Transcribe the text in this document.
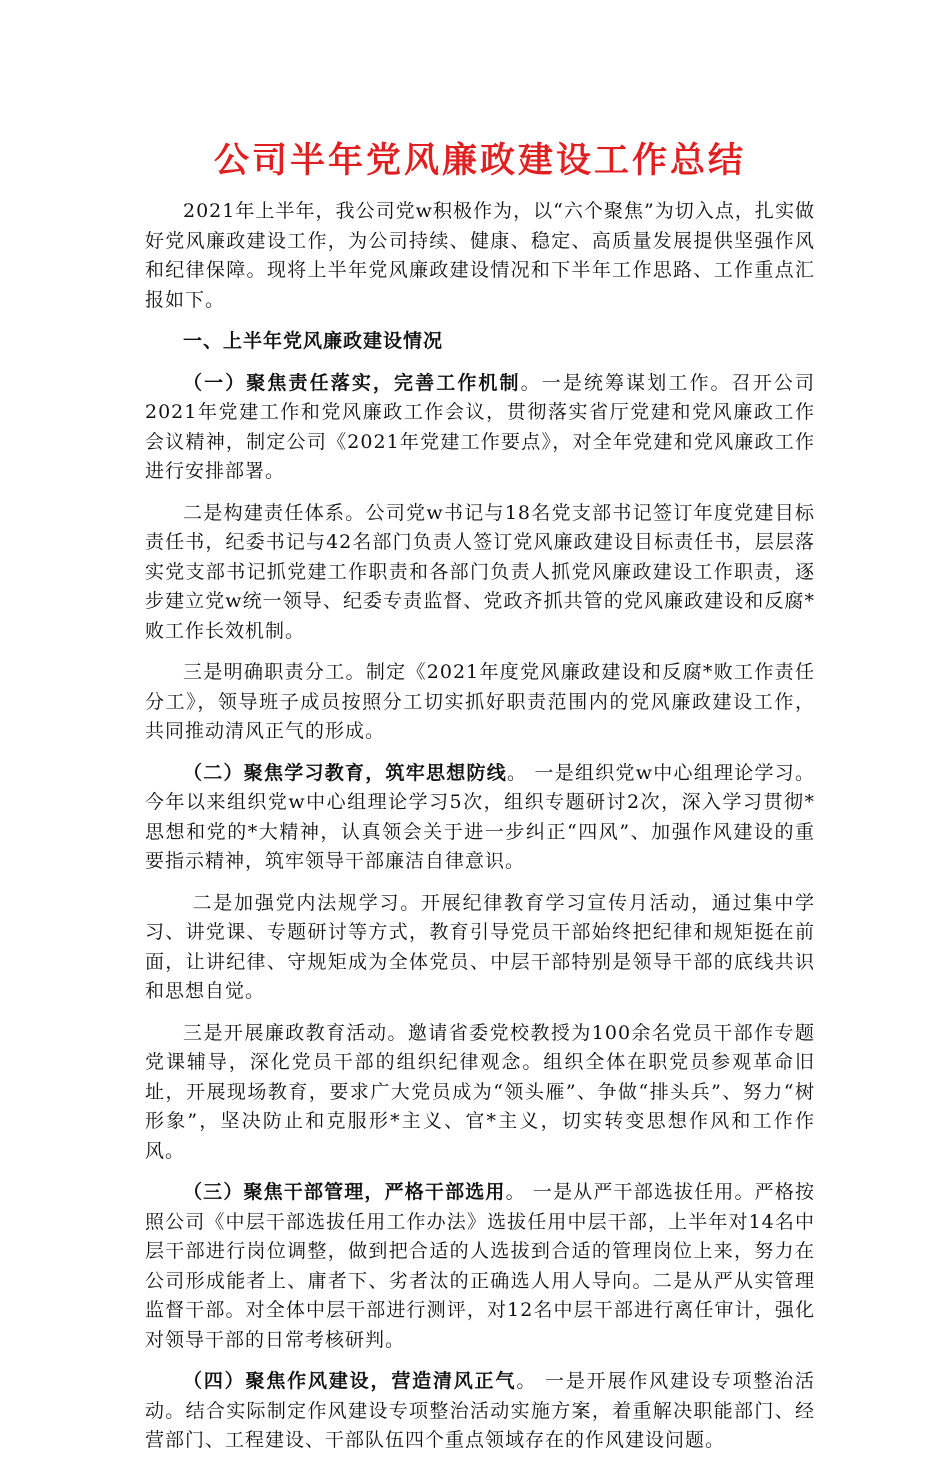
公司半年党风廉政建设工作总结

2021年上半年，我公司党w积极作为，以“六个聚焦”为切入点，扎实做好党风廉政建设工作，为公司持续、健康、稳定、高质量发展提供坚强作风和纪律保障。现将上半年党风廉政建设情况和下半年工作思路、工作重点汇报如下。

一、上半年党风廉政建设情况

（一）聚焦责任落实，完善工作机制。一是统筹谋划工作。召开公司2021年党建工作和党风廉政工作会议，贯彻落实省厅党建和党风廉政工作会议精神，制定公司《2021年党建工作要点》，对全年党建和党风廉政工作进行安排部署。

二是构建责任体系。公司党w书记与18名党支部书记签订年度党建目标责任书，纪委书记与42名部门负责人签订党风廉政建设目标责任书，层层落实党支部书记抓党建工作职责和各部门负责人抓党风廉政建设工作职责，逐步建立党w统一领导、纪委专责监督、党政齐抓共管的党风廉政建设和反腐*败工作长效机制。

三是明确职责分工。制定《2021年度党风廉政建设和反腐*败工作责任分工》，领导班子成员按照分工切实抓好职责范围内的党风廉政建设工作，共同推动清风正气的形成。

（二）聚焦学习教育，筑牢思想防线。 一是组织党w中心组理论学习。今年以来组织党w中心组理论学习5次，组织专题研讨2次，深入学习贯彻*思想和党的*大精神，认真领会关于进一步纠正“四风”、加强作风建设的重要指示精神，筑牢领导干部廉洁自律意识。

二是加强党内法规学习。开展纪律教育学习宣传月活动，通过集中学习、讲党课、专题研讨等方式，教育引导党员干部始终把纪律和规矩挺在前面，让讲纪律、守规矩成为全体党员、中层干部特别是领导干部的底线共识和思想自觉。

三是开展廉政教育活动。邀请省委党校教授为100余名党员干部作专题党课辅导，深化党员干部的组织纪律观念。组织全体在职党员参观革命旧址，开展现场教育，要求广大党员成为“领头雁”、争做“排头兵”、努力“树形象”，坚决防止和克服形*主义、官*主义，切实转变思想作风和工作作风。

（三）聚焦干部管理，严格干部选用。 一是从严干部选拔任用。严格按照公司《中层干部选拔任用工作办法》选拔任用中层干部，上半年对14名中层干部进行岗位调整，做到把合适的人选拔到合适的管理岗位上来，努力在公司形成能者上、庸者下、劣者汰的正确选人用人导向。二是从严从实管理监督干部。对全体中层干部进行测评，对12名中层干部进行离任审计，强化对领导干部的日常考核研判。

（四）聚焦作风建设，营造清风正气。 一是开展作风建设专项整治活动。结合实际制定作风建设专项整治活动实施方案，着重解决职能部门、经营部门、工程建设、干部队伍四个重点领域存在的作风建设问题。
